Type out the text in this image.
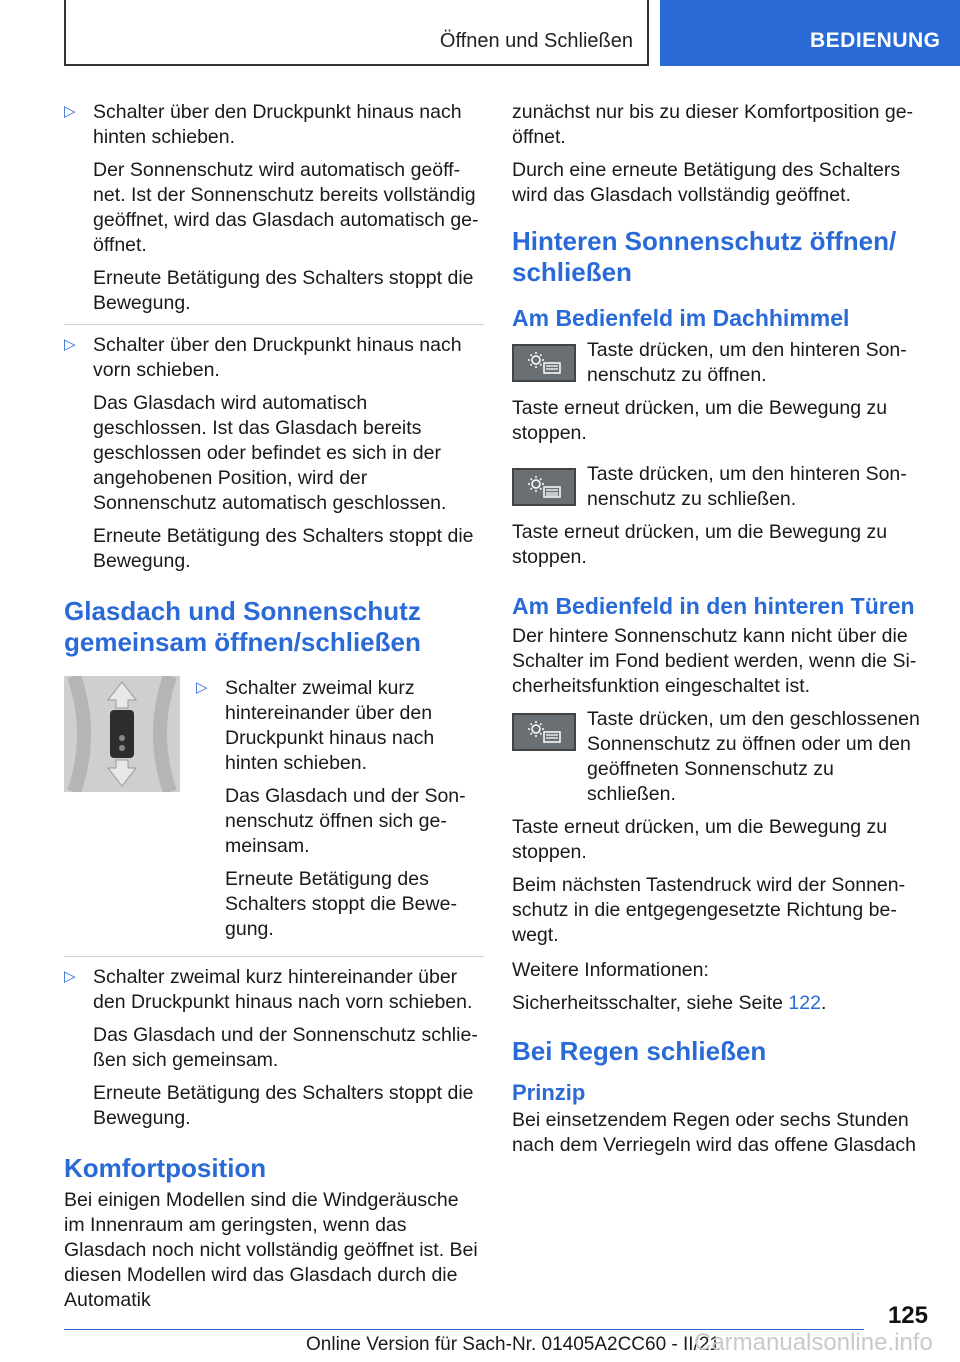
Öffnen und Schließen	BEDIENUNG
▷ Schalter über den Druckpunkt hinaus nach hinten schieben.

Der Sonnenschutz wird automatisch geöffnet. Ist der Sonnenschutz bereits vollständig geöffnet, wird das Glasdach automatisch geöffnet.

Erneute Betätigung des Schalters stoppt die Bewegung.

▷ Schalter über den Druckpunkt hinaus nach vorn schieben.

Das Glasdach wird automatisch geschlossen. Ist das Glasdach bereits geschlossen oder befindet es sich in der angehobenen Position, wird der Sonnenschutz automatisch geschlossen.

Erneute Betätigung des Schalters stoppt die Bewegung.

Glasdach und Sonnenschutz gemeinsam öffnen/schließen
▷ Schalter zweimal kurz hintereinander über den Druckpunkt hinaus nach hinten schieben.

Das Glasdach und der Sonnenschutz öffnen sich gemeinsam.

Erneute Betätigung des Schalters stoppt die Bewegung.

▷ Schalter zweimal kurz hintereinander über den Druckpunkt hinaus nach vorn schieben.

Das Glasdach und der Sonnenschutz schließen sich gemeinsam.

Erneute Betätigung des Schalters stoppt die Bewegung.

Komfortposition

Bei einigen Modellen sind die Windgeräusche im Innenraum am geringsten, wenn das Glasdach noch nicht vollständig geöffnet ist. Bei diesen Modellen wird das Glasdach durch die Automatik

zunächst nur bis zu dieser Komfortposition geöffnet.

Durch eine erneute Betätigung des Schalters wird das Glasdach vollständig geöffnet.

Hinteren Sonnenschutz öffnen/ schließen
Am Bedienfeld im Dachhimmel

Taste drücken, um den hinteren Sonnenschutz zu öffnen.

Taste erneut drücken, um die Bewegung zu stoppen.

Taste drücken, um den hinteren Sonnenschutz zu schließen.

Taste erneut drücken, um die Bewegung zu stoppen.

Am Bedienfeld in den hinteren Türen

Der hintere Sonnenschutz kann nicht über die Schalter im Fond bedient werden, wenn die Sicherheitsfunktion eingeschaltet ist.

Taste drücken, um den geschlossenen Sonnenschutz zu öffnen oder um den geöffneten Sonnenschutz zu schließen.

Taste erneut drücken, um die Bewegung zu stoppen.

Beim nächsten Tastendruck wird der Sonnenschutz in die entgegengesetzte Richtung bewegt.

Weitere Informationen:

Sicherheitsschalter, siehe Seite 122.

Bei Regen schließen
Prinzip

Bei einsetzendem Regen oder sechs Stunden nach dem Verriegeln wird das offene Glasdach

125
Online Version für Sach-Nr. 01405A2CC60 - II/21
Carmanualsonline.info
